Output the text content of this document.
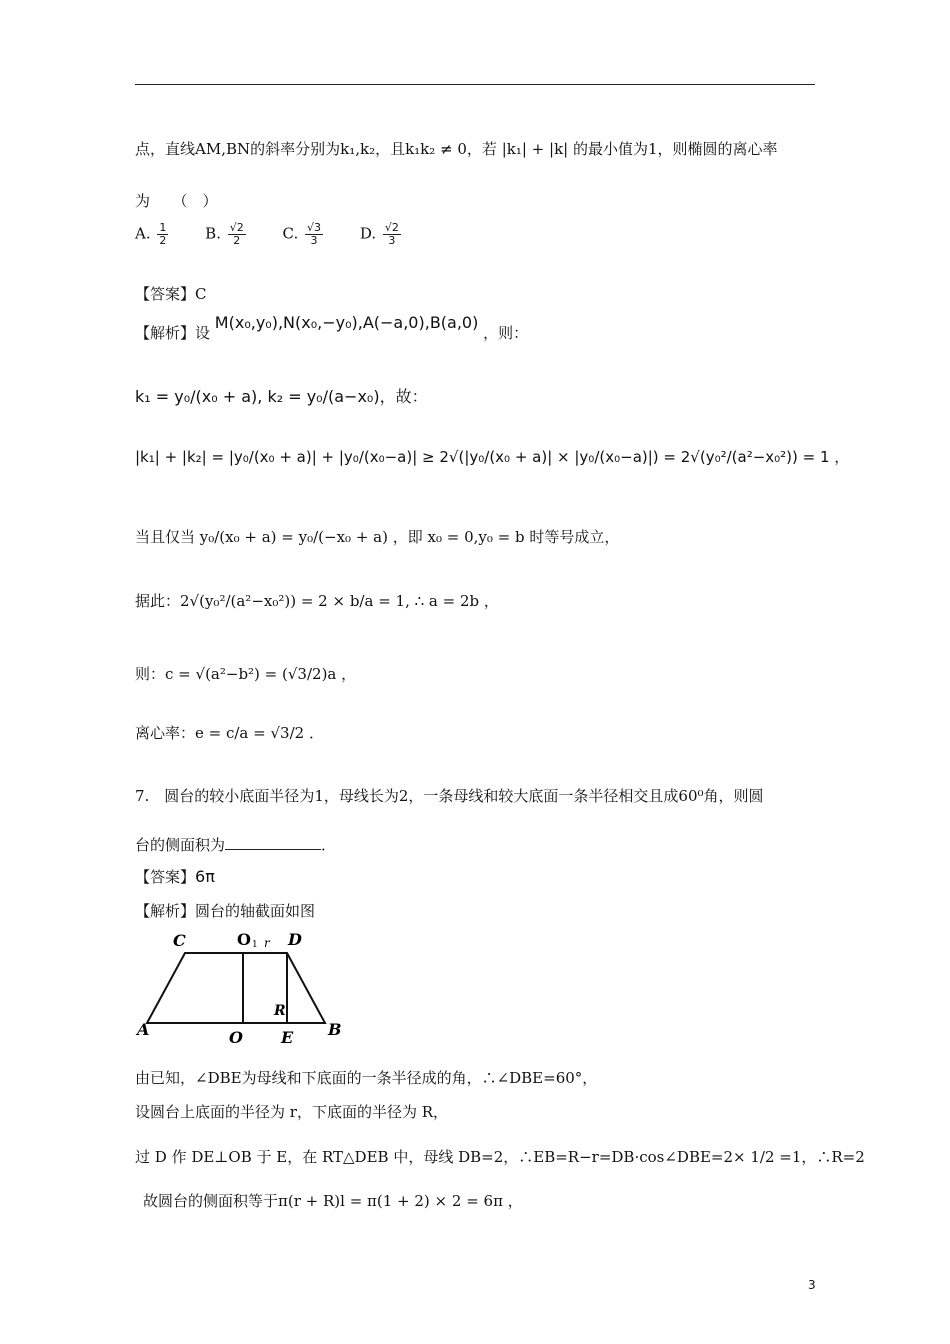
点，直线AM,BN的斜率分别为k₁,k₂，且k₁k₂ ≠ 0，若 |k₁| + |k| 的最小值为1，则椭圆的离心率
为　　（　）
A. $\frac{1}{2} B$. $\frac{√2}{2} C$. $\frac{√3}{3} D$. $\frac{√2}{3}$
【答案】C
【解析】设 M(x₀,y₀),N(x₀,−y₀),A(−a,0),B(a,0) ，则：
k₁ = y₀/(x₀ + a), k₂ = y₀/(a−x₀)，故：
|k₁| + |k₂| = |y₀/(x₀ + a)| + |y₀/(x₀−a)| ≥ 2√(|y₀/(x₀ + a)| × |y₀/(x₀−a)|) = 2√(y₀²/(a²−x₀²)) = 1 ，
当且仅当 y₀/(x₀ + a) = y₀/(−x₀ + a) ，即 x₀ = 0,y₀ = b 时等号成立，
据此：2√(y₀²/(a²−x₀²)) = 2 × b/a = 1, ∴ a = 2b ，
则：c = √(a²−b²) = (√3/2)a ，
离心率：e = c/a = √3/2 ．
7.　圆台的较小底面半径为1，母线长为2，一条母线和较大底面一条半径相交且成60⁰角，则圆
台的侧面积为	．
【答案】6π
【解析】圆台的轴截面如图
C	O 1 r D
A	O
R
E B
由已知，∠DBE为母线和下底面的一条半径成的角，∴∠DBE=60°，
设圆台上底面的半径为 r，下底面的半径为 R，
过 D 作 DE⊥OB 于 E，在 RT△DEB 中，母线 DB=2，∴EB=R−r=DB·cos∠DBE=2× 1/2 =1，∴R=2
故圆台的侧面积等于π(r + R)l = π(1 + 2) × 2 = 6π ，
3
